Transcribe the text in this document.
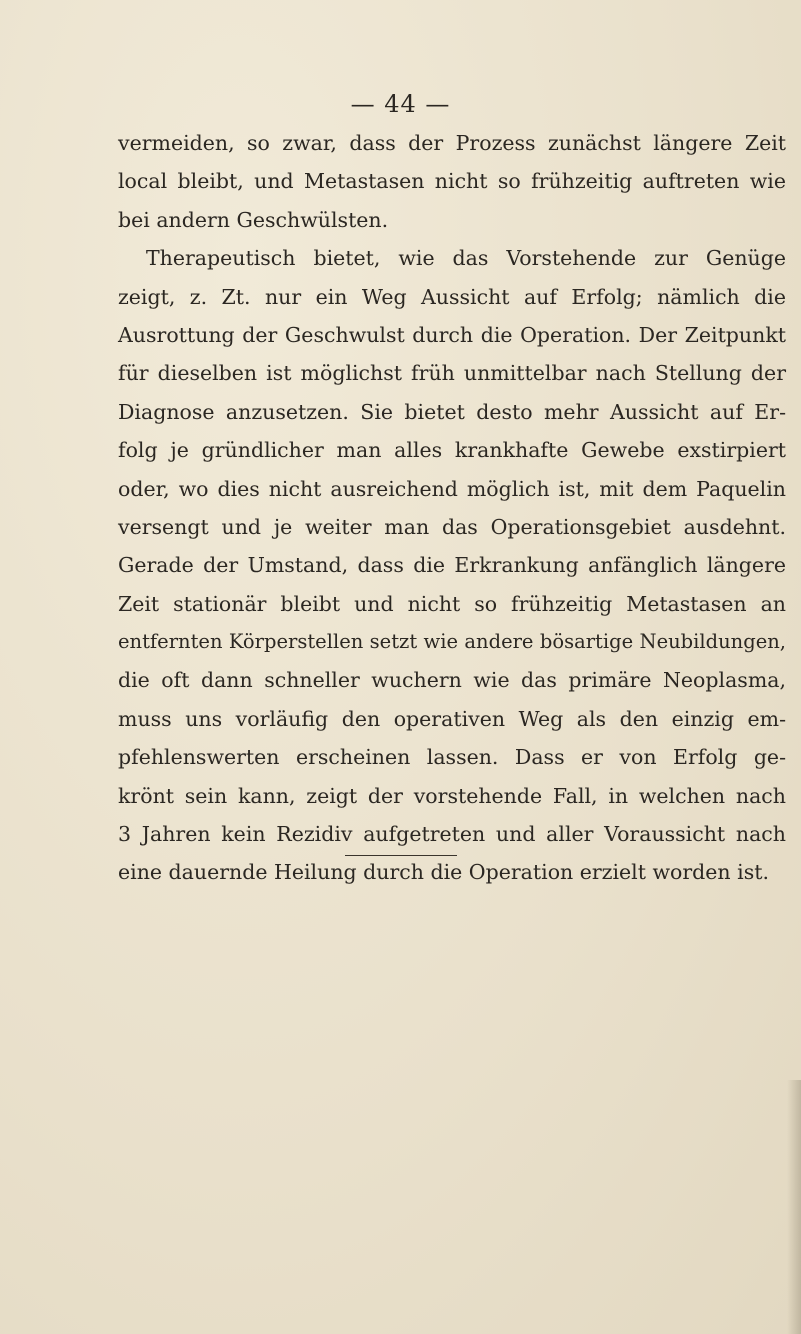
— 44 —
vermeiden, so zwar, dass der Prozess zunächst längere Zeit
local bleibt, und Metastasen nicht so frühzeitig auftreten wie
bei andern Geschwülsten.
Therapeutisch bietet, wie das Vorstehende zur Genüge
zeigt, z. Zt. nur ein Weg Aussicht auf Erfolg; nämlich die
Ausrottung der Geschwulst durch die Operation. Der Zeitpunkt
für dieselben ist möglichst früh unmittelbar nach Stellung der
Diagnose anzusetzen. Sie bietet desto mehr Aussicht auf Er-
folg je gründlicher man alles krankhafte Gewebe exstirpiert
oder, wo dies nicht ausreichend möglich ist, mit dem Paquelin
versengt und je weiter man das Operationsgebiet ausdehnt.
Gerade der Umstand, dass die Erkrankung anfänglich längere
Zeit stationär bleibt und nicht so frühzeitig Metastasen an
entfernten Körperstellen setzt wie andere bösartige Neubildungen,
die oft dann schneller wuchern wie das primäre Neoplasma,
muss uns vorläufig den operativen Weg als den einzig em-
pfehlenswerten erscheinen lassen. Dass er von Erfolg ge-
krönt sein kann, zeigt der vorstehende Fall, in welchen nach
3 Jahren kein Rezidiv aufgetreten und aller Voraussicht nach
eine dauernde Heilung durch die Operation erzielt worden ist.
